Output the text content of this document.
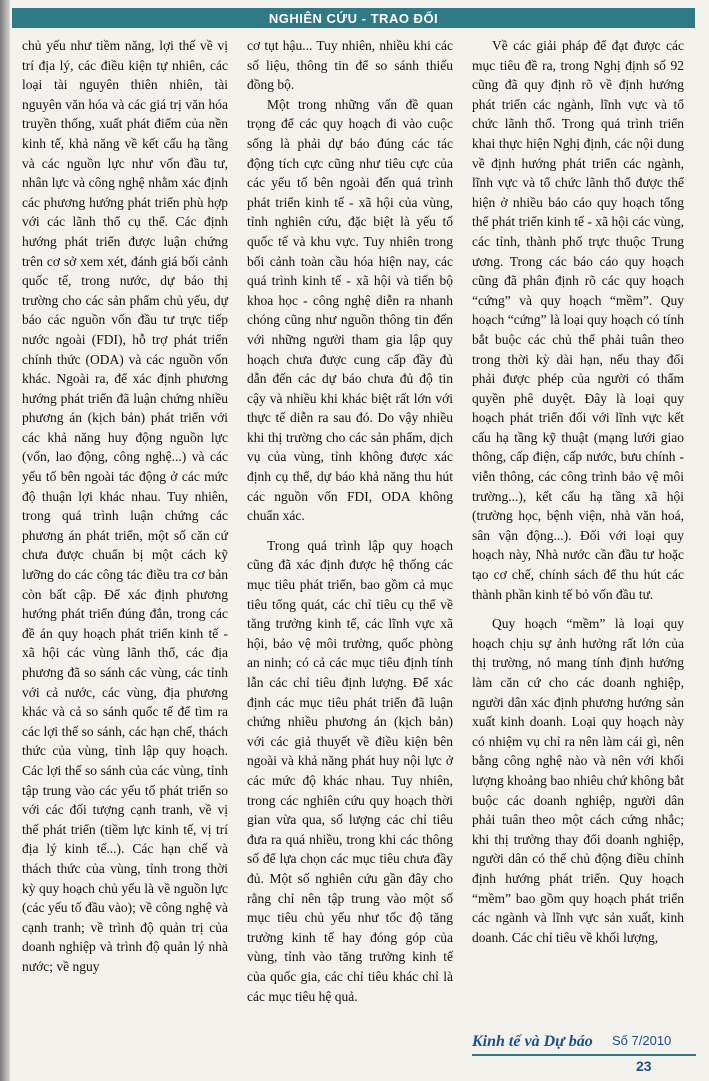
NGHIÊN CỨU - TRAO ĐỔI

chủ yếu như tiềm năng, lợi thế về vị trí địa lý, các điều kiện tự nhiên, các loại tài nguyên thiên nhiên, tài nguyên văn hóa và các giá trị văn hóa truyền thống, xuất phát điểm của nền kinh tế, khả năng về kết cấu hạ tầng và các nguồn lực như vốn đầu tư, nhân lực và công nghệ nhằm xác định các phương hướng phát triển phù hợp với các lãnh thổ cụ thể. Các định hướng phát triển được luận chứng trên cơ sở xem xét, đánh giá bối cảnh quốc tế, trong nước, dự báo thị trường cho các sản phẩm chủ yếu, dự báo các nguồn vốn đầu tư trực tiếp nước ngoài (FDI), hỗ trợ phát triển chính thức (ODA) và các nguồn vốn khác. Ngoài ra, để xác định phương hướng phát triển đã luận chứng nhiều phương án (kịch bản) phát triển với các khả năng huy động nguồn lực (vốn, lao động, công nghệ...) và các yếu tố bên ngoài tác động ở các mức độ thuận lợi khác nhau. Tuy nhiên, trong quá trình luận chứng các phương án phát triển, một số căn cứ chưa được chuẩn bị một cách kỹ lưỡng do các công tác điều tra cơ bản còn bất cập. Để xác định phương hướng phát triển đúng đắn, trong các đề án quy hoạch phát triển kinh tế - xã hội các vùng lãnh thổ, các địa phương đã so sánh các vùng, các tỉnh với cả nước, các vùng, địa phương khác và cả so sánh quốc tế để tìm ra các lợi thế so sánh, các hạn chế, thách thức của vùng, tỉnh lập quy hoạch. Các lợi thế so sánh của các vùng, tỉnh tập trung vào các yếu tố phát triển so với các đối tượng cạnh tranh, về vị thế phát triển (tiềm lực kinh tế, vị trí địa lý kinh tế...). Các hạn chế và thách thức của vùng, tỉnh trong thời kỳ quy hoạch chủ yếu là về nguồn lực (các yếu tố đầu vào); về công nghệ và cạnh tranh; về trình độ quản trị của doanh nghiệp và trình độ quản lý nhà nước; về nguy

cơ tụt hậu... Tuy nhiên, nhiều khi các số liệu, thông tin để so sánh thiếu đồng bộ.

Một trong những vấn đề quan trọng để các quy hoạch đi vào cuộc sống là phải dự báo đúng các tác động tích cực cũng như tiêu cực của các yếu tố bên ngoài đến quá trình phát triển kinh tế - xã hội của vùng, tỉnh nghiên cứu, đặc biệt là yếu tố quốc tế và khu vực. Tuy nhiên trong bối cảnh toàn cầu hóa hiện nay, các quá trình kinh tế - xã hội và tiến bộ khoa học - công nghệ diễn ra nhanh chóng cũng như nguồn thông tin đến với những người tham gia lập quy hoạch chưa được cung cấp đầy đủ dẫn đến các dự báo chưa đủ độ tin cậy và nhiều khi khác biệt rất lớn với thực tế diễn ra sau đó. Do vậy nhiều khi thị trường cho các sản phẩm, dịch vụ của vùng, tỉnh không được xác định cụ thể, dự báo khả năng thu hút các nguồn vốn FDI, ODA không chuẩn xác.

Trong quá trình lập quy hoạch cũng đã xác định được hệ thống các mục tiêu phát triển, bao gồm cả mục tiêu tổng quát, các chỉ tiêu cụ thể về tăng trưởng kinh tế, các lĩnh vực xã hội, bảo vệ môi trường, quốc phòng an ninh; có cả các mục tiêu định tính lẫn các chỉ tiêu định lượng. Để xác định các mục tiêu phát triển đã luận chứng nhiều phương án (kịch bản) với các giả thuyết về điều kiện bên ngoài và khả năng phát huy nội lực ở các mức độ khác nhau. Tuy nhiên, trong các nghiên cứu quy hoạch thời gian vừa qua, số lượng các chỉ tiêu đưa ra quá nhiều, trong khi các thông số để lựa chọn các mục tiêu chưa đầy đủ. Một số nghiên cứu gần đây cho rằng chỉ nên tập trung vào một số mục tiêu chủ yếu như tốc độ tăng trưởng kinh tế hay đóng góp của vùng, tỉnh vào tăng trưởng kinh tế của quốc gia, các chỉ tiêu khác chỉ là các mục tiêu hệ quả.

Về các giải pháp để đạt được các mục tiêu đề ra, trong Nghị định số 92 cũng đã quy định rõ về định hướng phát triển các ngành, lĩnh vực và tổ chức lãnh thổ. Trong quá trình triển khai thực hiện Nghị định, các nội dung về định hướng phát triển các ngành, lĩnh vực và tổ chức lãnh thổ được thể hiện ở nhiều báo cáo quy hoạch tổng thể phát triển kinh tế - xã hội các vùng, các tỉnh, thành phố trực thuộc Trung ương. Trong các báo cáo quy hoạch cũng đã phân định rõ các quy hoạch “cứng” và quy hoạch “mềm”. Quy hoạch “cứng” là loại quy hoạch có tính bắt buộc các chủ thể phải tuân theo trong thời kỳ dài hạn, nếu thay đổi phải được phép của người có thẩm quyền phê duyệt. Đây là loại quy hoạch phát triển đối với lĩnh vực kết cấu hạ tầng kỹ thuật (mạng lưới giao thông, cấp điện, cấp nước, bưu chính - viễn thông, các công trình bảo vệ môi trường...), kết cấu hạ tầng xã hội (trường học, bệnh viện, nhà văn hoá, sân vận động...). Đối với loại quy hoạch này, Nhà nước cần đầu tư hoặc tạo cơ chế, chính sách để thu hút các thành phần kinh tế bỏ vốn đầu tư.

Quy hoạch “mềm” là loại quy hoạch chịu sự ảnh hưởng rất lớn của thị trường, nó mang tính định hướng làm căn cứ cho các doanh nghiệp, người dân xác định phương hướng sản xuất kinh doanh. Loại quy hoạch này có nhiệm vụ chỉ ra nên làm cái gì, nên bằng công nghệ nào và nên với khối lượng khoảng bao nhiêu chứ không bắt buộc các doanh nghiệp, người dân phải tuân theo một cách cứng nhắc; khi thị trường thay đổi doanh nghiệp, người dân có thể chủ động điều chỉnh định hướng phát triển. Quy hoạch “mềm” bao gồm quy hoạch phát triển các ngành và lĩnh vực sản xuất, kinh doanh. Các chỉ tiêu về khối lượng,

Kinh tế và Dự báo Số 7/2010
23
